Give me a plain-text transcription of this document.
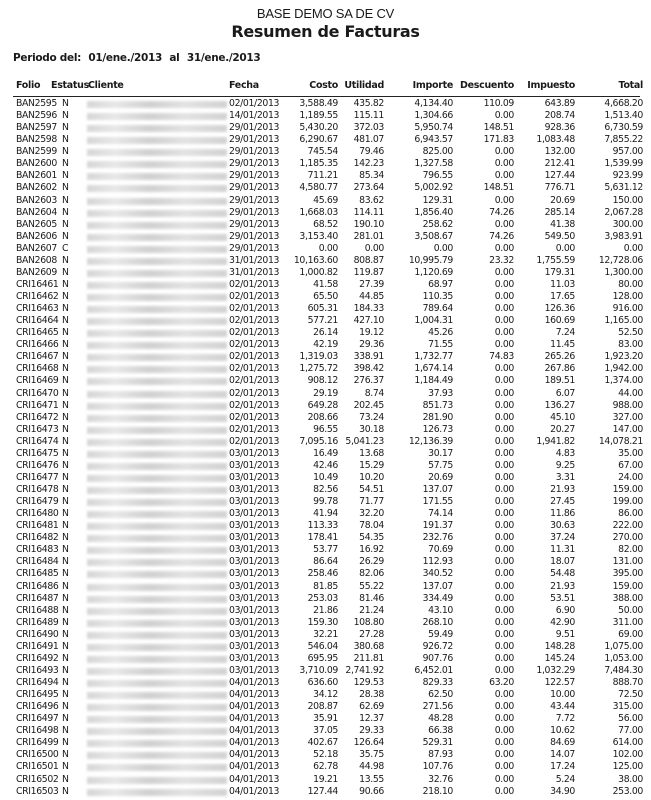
BASE DEMO SA DE CV
Resumen de Facturas
Periodo del: 01/ene./2013 al 31/ene./2013
Folio Estatus Cliente	Fecha	Costo Utilidad	Importe Descuento Impuesto	Total
BAN2595 N	02/01/2013 3,588.49 435.82	4,134.40	110.09	643.89	4,668.20
BAN2596 N	14/01/2013 1,189.55 115.11	1,304.66	0.00	208.74	1,513.40
BAN2597 N	29/01/2013 5,430.20 372.03	5,950.74	148.51	928.36	6,730.59
BAN2598 N	29/01/2013 6,290.67 481.07	6,943.57	171.83 1,083.48	7,855.22
BAN2599 N	29/01/2013	745.54 79.46	825.00	0.00	132.00	957.00
BAN2600 N	29/01/2013 1,185.35 142.23	1,327.58	0.00	212.41	1,539.99
BAN2601 N	29/01/2013	711.21 85.34	796.55	0.00	127.44	923.99
BAN2602 N	29/01/2013 4,580.77 273.64	5,002.92	148.51	776.71	5,631.12
BAN2603 N	29/01/2013	45.69 83.62	129.31	0.00	20.69	150.00
BAN2604 N	29/01/2013 1,668.03 114.11	1,856.40	74.26	285.14	2,067.28
BAN2605 N	29/01/2013	68.52 190.10	258.62	0.00	41.38	300.00
BAN2606 N	29/01/2013 3,153.40 281.01	3,508.67	74.26	549.50	3,983.91
BAN2607 C	29/01/2013	0.00	0.00	0.00	0.00	0.00	0.00
BAN2608 N	31/01/2013 10,163.60 808.87	10,995.79	23.32 1,755.59	12,728.06
BAN2609 N	31/01/2013 1,000.82 119.87	1,120.69	0.00	179.31	1,300.00
CRI16461 N	02/01/2013	41.58 27.39	68.97	0.00	11.03	80.00
CRI16462 N	02/01/2013	65.50 44.85	110.35	0.00	17.65	128.00
CRI16463 N	02/01/2013	605.31 184.33	789.64	0.00	126.36	916.00
CRI16464 N	02/01/2013	577.21 427.10	1,004.31	0.00	160.69	1,165.00
CRI16465 N	02/01/2013	26.14 19.12	45.26	0.00	7.24	52.50
CRI16466 N	02/01/2013	42.19 29.36	71.55	0.00	11.45	83.00
CRI16467 N	02/01/2013 1,319.03 338.91	1,732.77	74.83	265.26	1,923.20
CRI16468 N	02/01/2013 1,275.72 398.42	1,674.14	0.00	267.86	1,942.00
CRI16469 N	02/01/2013	908.12 276.37	1,184.49	0.00	189.51	1,374.00
CRI16470 N	02/01/2013	29.19	8.74	37.93	0.00	6.07	44.00
CRI16471 N	02/01/2013	649.28 202.45	851.73	0.00	136.27	988.00
CRI16472 N	02/01/2013	208.66 73.24	281.90	0.00	45.10	327.00
CRI16473 N	02/01/2013	96.55 30.18	126.73	0.00	20.27	147.00
CRI16474 N	02/01/2013 7,095.16 5,041.23	12,136.39	0.00 1,941.82	14,078.21
CRI16475 N	03/01/2013	16.49 13.68	30.17	0.00	4.83	35.00
CRI16476 N	03/01/2013	42.46 15.29	57.75	0.00	9.25	67.00
CRI16477 N	03/01/2013	10.49 10.20	20.69	0.00	3.31	24.00
CRI16478 N	03/01/2013	82.56 54.51	137.07	0.00	21.93	159.00
CRI16479 N	03/01/2013	99.78 71.77	171.55	0.00	27.45	199.00
CRI16480 N	03/01/2013	41.94 32.20	74.14	0.00	11.86	86.00
CRI16481 N	03/01/2013	113.33 78.04	191.37	0.00	30.63	222.00
CRI16482 N	03/01/2013	178.41 54.35	232.76	0.00	37.24	270.00
CRI16483 N	03/01/2013	53.77 16.92	70.69	0.00	11.31	82.00
CRI16484 N	03/01/2013	86.64 26.29	112.93	0.00	18.07	131.00
CRI16485 N	03/01/2013	258.46 82.06	340.52	0.00	54.48	395.00
CRI16486 N	03/01/2013	81.85 55.22	137.07	0.00	21.93	159.00
CRI16487 N	03/01/2013	253.03 81.46	334.49	0.00	53.51	388.00
CRI16488 N	03/01/2013	21.86 21.24	43.10	0.00	6.90	50.00
CRI16489 N	03/01/2013	159.30 108.80	268.10	0.00	42.90	311.00
CRI16490 N	03/01/2013	32.21 27.28	59.49	0.00	9.51	69.00
CRI16491 N	03/01/2013	546.04 380.68	926.72	0.00	148.28	1,075.00
CRI16492 N	03/01/2013	695.95 211.81	907.76	0.00	145.24	1,053.00
CRI16493 N	03/01/2013 3,710.09 2,741.92	6,452.01	0.00 1,032.29	7,484.30
CRI16494 N	04/01/2013	636.60 129.53	829.33	63.20	122.57	888.70
CRI16495 N	04/01/2013	34.12 28.38	62.50	0.00	10.00	72.50
CRI16496 N	04/01/2013	208.87 62.69	271.56	0.00	43.44	315.00
CRI16497 N	04/01/2013	35.91 12.37	48.28	0.00	7.72	56.00
CRI16498 N	04/01/2013	37.05 29.33	66.38	0.00	10.62	77.00
CRI16499 N	04/01/2013	402.67 126.64	529.31	0.00	84.69	614.00
CRI16500 N	04/01/2013	52.18 35.75	87.93	0.00	14.07	102.00
CRI16501 N	04/01/2013	62.78 44.98	107.76	0.00	17.24	125.00
CRI16502 N	04/01/2013	19.21 13.55	32.76	0.00	5.24	38.00
CRI16503 N	04/01/2013	127.44 90.66	218.10	0.00	34.90	253.00
